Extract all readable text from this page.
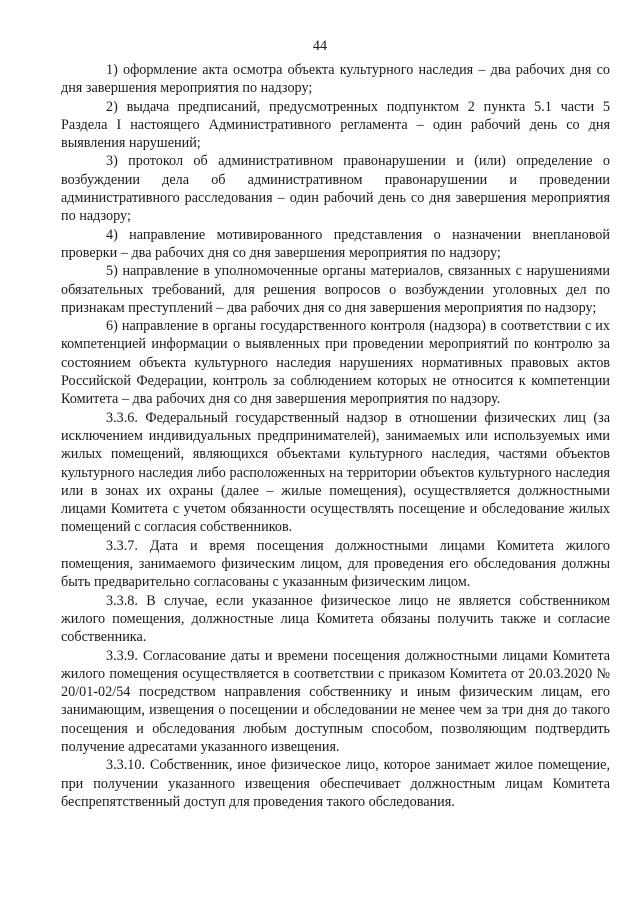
44

1) оформление акта осмотра объекта культурного наследия – два рабочих дня со дня завершения мероприятия по надзору;

2) выдача предписаний, предусмотренных подпунктом 2 пункта 5.1 части 5 Раздела I настоящего Административного регламента – один рабочий день со дня выявления нарушений;

3) протокол об административном правонарушении и (или) определение о возбуждении дела об административном правонарушении и проведении административного расследования – один рабочий день со дня завершения мероприятия по надзору;

4) направление мотивированного представления о назначении внеплановой проверки – два рабочих дня со дня завершения мероприятия по надзору;

5) направление в уполномоченные органы материалов, связанных с нарушениями обязательных требований, для решения вопросов о возбуждении уголовных дел по признакам преступлений – два рабочих дня со дня завершения мероприятия по надзору;

6) направление в органы государственного контроля (надзора) в соответствии с их компетенцией информации о выявленных при проведении мероприятий по контролю за состоянием объекта культурного наследия нарушениях нормативных правовых актов Российской Федерации, контроль за соблюдением которых не относится к компетенции Комитета – два рабочих дня со дня завершения мероприятия по надзору.

3.3.6. Федеральный государственный надзор в отношении физических лиц (за исключением индивидуальных предпринимателей), занимаемых или используемых ими жилых помещений, являющихся объектами культурного наследия, частями объектов культурного наследия либо расположенных на территории объектов культурного наследия или в зонах их охраны (далее – жилые помещения), осуществляется должностными лицами Комитета с учетом обязанности осуществлять посещение и обследование жилых помещений с согласия собственников.

3.3.7. Дата и время посещения должностными лицами Комитета жилого помещения, занимаемого физическим лицом, для проведения его обследования должны быть предварительно согласованы с указанным физическим лицом.

3.3.8. В случае, если указанное физическое лицо не является собственником жилого помещения, должностные лица Комитета обязаны получить также и согласие собственника.

3.3.9. Согласование даты и времени посещения должностными лицами Комитета жилого помещения осуществляется в соответствии с приказом Комитета от 20.03.2020 № 20/01-02/54 посредством направления собственнику и иным физическим лицам, его занимающим, извещения о посещении и обследовании не менее чем за три дня до такого посещения и обследования любым доступным способом, позволяющим подтвердить получение адресатами указанного извещения.

3.3.10. Собственник, иное физическое лицо, которое занимает жилое помещение, при получении указанного извещения обеспечивает должностным лицам Комитета беспрепятственный доступ для проведения такого обследования.
